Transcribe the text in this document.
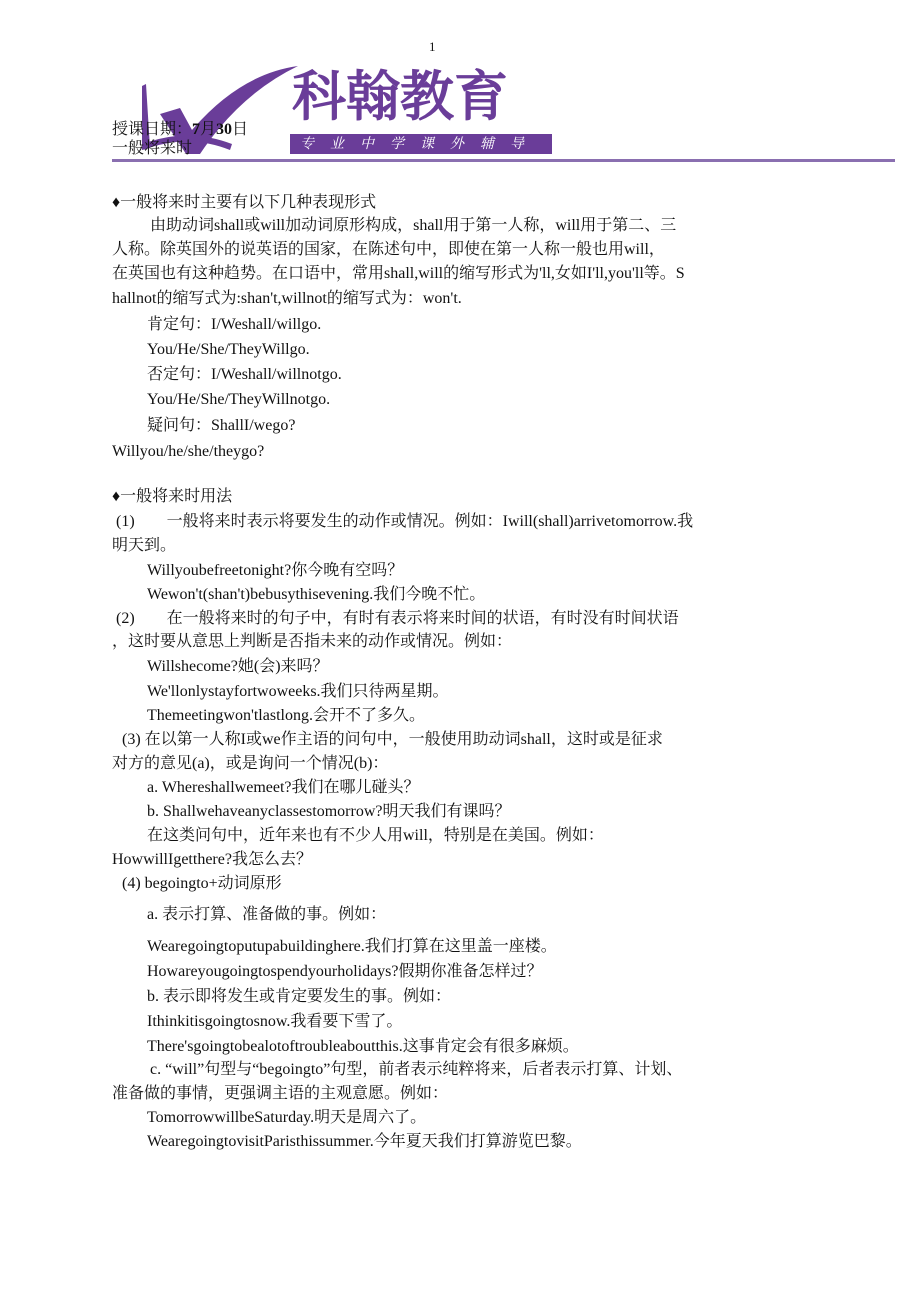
1
科翰教育
专业中学课外辅导
授课日期：7月30日
一般将来时
♦一般将来时主要有以下几种表现形式
由助动词shall或will加动词原形构成，shall用于第一人称，will用于第二、三
人称。除英国外的说英语的国家，在陈述句中，即使在第一人称一般也用will，
在英国也有这种趋势。在口语中，常用shall,will的缩写形式为'll,女如I'll,you'll等。S
hallnot的缩写式为:shan't,willnot的缩写式为：won't.
肯定句：I/Weshall/willgo.
You/He/She/TheyWillgo.
否定句：I/Weshall/willnotgo.
You/He/She/TheyWillnotgo.
疑问句：ShallI/wego?
Willyou/he/she/theygo?
♦一般将来时用法
(1)　　一般将来时表示将要发生的动作或情况。例如：Iwill(shall)arrivetomorrow.我
明天到。
Willyoubefreetonight?你今晚有空吗？
Wewon't(shan't)bebusythisevening.我们今晚不忙。
(2)　　在一般将来时的句子中，有时有表示将来时间的状语，有时没有时间状语
，这时要从意思上判断是否指未来的动作或情况。例如：
Willshecome?她(会)来吗？
We'llonlystayfortwoweeks.我们只待两星期。
Themeetingwon'tlastlong.会开不了多久。
(3) 在以第一人称I或we作主语的问句中，一般使用助动词shall，这时或是征求
对方的意见(a)，或是询问一个情况(b)：
a. Whereshallwemeet?我们在哪儿碰头？
b. Shallwehaveanyclassestomorrow?明天我们有课吗？
在这类问句中，近年来也有不少人用will，特别是在美国。例如：
HowwillIgetthere?我怎么去？
(4) begoingto+动词原形
a. 表示打算、准备做的事。例如：
Wearegoingtoputupabuildinghere.我们打算在这里盖一座楼。
Howareyougoingtospendyourholidays?假期你准备怎样过？
b. 表示即将发生或肯定要发生的事。例如：
Ithinkitisgoingtosnow.我看要下雪了。
There'sgoingtobealotoftroubleaboutthis.这事肯定会有很多麻烦。
c. “will”句型与“begoingto”句型，前者表示纯粹将来，后者表示打算、计划、
准备做的事情，更强调主语的主观意愿。例如：
TomorrowwillbeSaturday.明天是周六了。
WearegoingtovisitParisthissummer.今年夏天我们打算游览巴黎。
